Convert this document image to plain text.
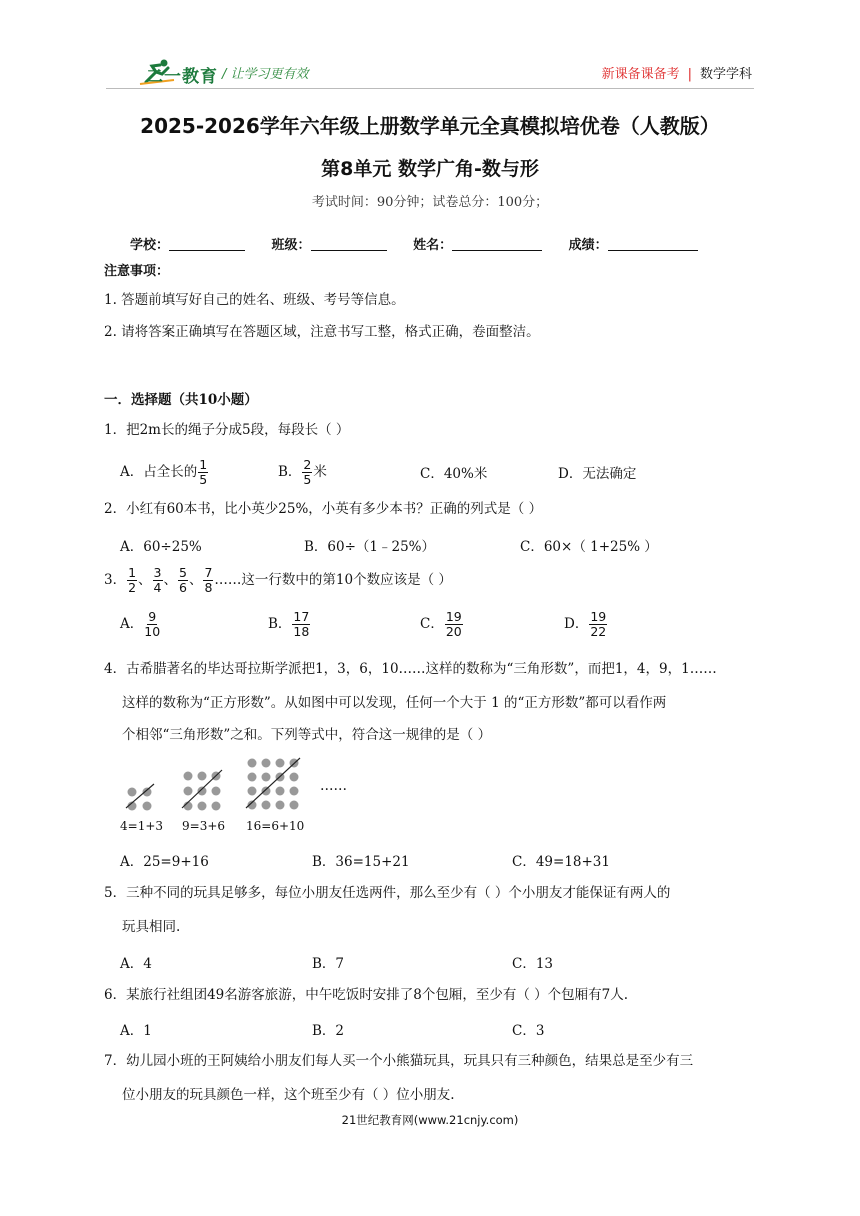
二一教育 / 让学习更有效	新课备课备考 | 数学学科
2025-2026学年六年级上册数学单元全真模拟培优卷（人教版）
第8单元 数学广角-数与形
考试时间：90分钟；试卷总分：100分；
学校：	班级：	姓名：	成绩：
注意事项：
1. 答题前填写好自己的姓名、班级、考号等信息。
2. 请将答案正确填写在答题区域，注意书写工整，格式正确，卷面整洁。
一．选择题（共10小题）
1．把2m长的绳子分成5段，每段长（ ）
A．占全长的 $\frac{1}{5}$	B． $\frac{2}{5}$ 米	C．40%米	D．无法确定
2．小红有60本书，比小英少25%，小英有多少本书？正确的列式是（ ）
A．60÷25%	B．60÷（1﹣25%）	C．60×（ 1+25% ）
3． $\frac{1}{2}$ 、 $\frac{3}{4}$ 、 $\frac{5}{6}$ 、 $\frac{7}{8}$ ……这一行数中的第10个数应该是（ ）
A． $\frac{9}{10}$	B． $\frac{17}{18}$	C． $\frac{19}{20}$	D． $\frac{19}{22}$
4．古希腊著名的毕达哥拉斯学派把1，3，6，10……这样的数称为“三角形数”，而把1，4，9，1……
这样的数称为“正方形数”。从如图中可以发现，任何一个大于 1 的“正方形数”都可以看作两
个相邻“三角形数”之和。下列等式中，符合这一规律的是（ ）
……
4=1+3 9=3+6 16=6+10
A．25=9+16	B．36=15+21	C．49=18+31
5．三种不同的玩具足够多，每位小朋友任选两件，那么至少有（ ）个小朋友才能保证有两人的
玩具相同.
A．4	B．7	C．13
6．某旅行社组团49名游客旅游，中午吃饭时安排了8个包厢，至少有（ ）个包厢有7人.
A．1	B．2	C．3
7．幼儿园小班的王阿姨给小朋友们每人买一个小熊猫玩具，玩具只有三种颜色，结果总是至少有三
位小朋友的玩具颜色一样，这个班至少有（ ）位小朋友.
21世纪教育网(www.21cnjy.com)
